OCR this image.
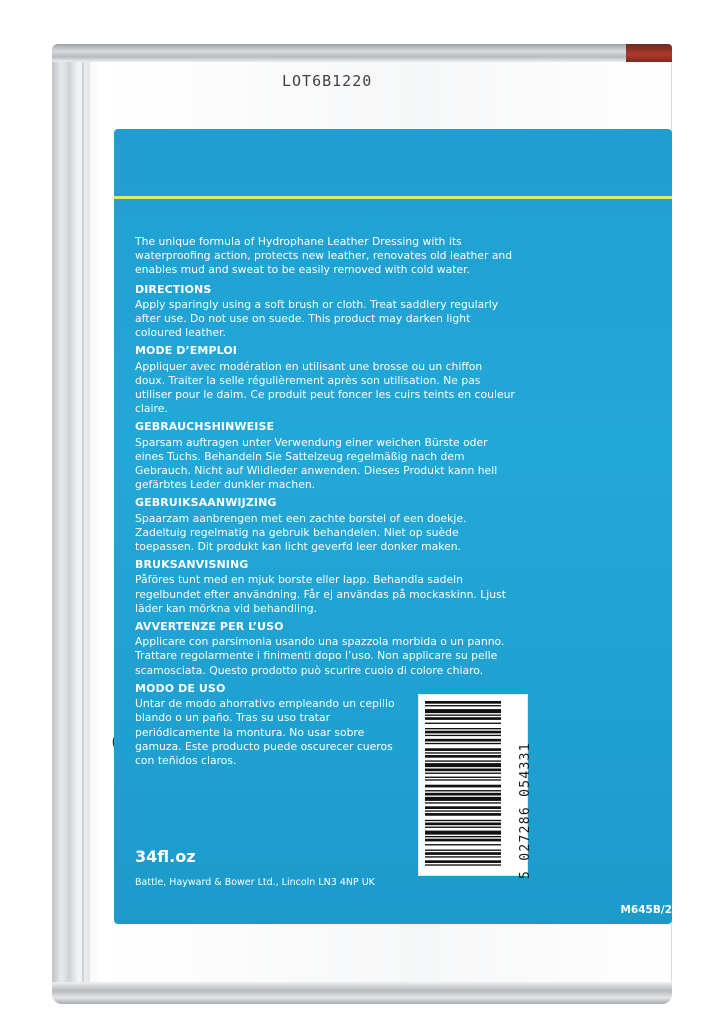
LOT6B1220

The unique formula of Hydrophane Leather Dressing with its waterproofing action, protects new leather, renovates old leather and enables mud and sweat to be easily removed with cold water.

DIRECTIONS

Apply sparingly using a soft brush or cloth. Treat saddlery regularly after use. Do not use on suede. This product may darken light coloured leather.

MODE D’EMPLOI

Appliquer avec modération en utilisant une brosse ou un chiffon doux. Traiter la selle régulièrement après son utilisation. Ne pas utiliser pour le daim. Ce produit peut foncer les cuirs teints en couleur claire.

GEBRAUCHSHINWEISE

Sparsam auftragen unter Verwendung einer weichen Bürste oder eines Tuchs. Behandeln Sie Sattelzeug regelmäßig nach dem Gebrauch. Nicht auf Wildleder anwenden. Dieses Produkt kann hell gefärbtes Leder dunkler machen.

GEBRUIKSAANWIJZING

Spaarzam aanbrengen met een zachte borstel of een doekje. Zadeltuig regelmatig na gebruik behandelen. Niet op suède toepassen. Dit produkt kan licht geverfd leer donker maken.

BRUKSANVISNING

Påföres tunt med en mjuk borste eller lapp. Behandla sadeln regelbundet efter användning. Får ej användas på mockaskinn. Ljust läder kan mörkna vid behandling.

AVVERTENZE PER L’USO

Applicare con parsimonia usando una spazzola morbida o un panno. Trattare regolarmente i finimenti dopo l’uso. Non applicare su pelle scamosciata. Questo prodotto può scurire cuoio di colore chiaro.

MODO DE USO

Untar de modo ahorrativo empleando un cepillo blando o un paño. Tras su uso tratar periódicamente la montura. No usar sobre gamuza. Este producto puede oscurecer cueros con teñidos claros.	5 027286 054331
34fl.oz
Battle, Hayward & Bower Ltd., Lincoln LN3 4NP UK
M645B/2
